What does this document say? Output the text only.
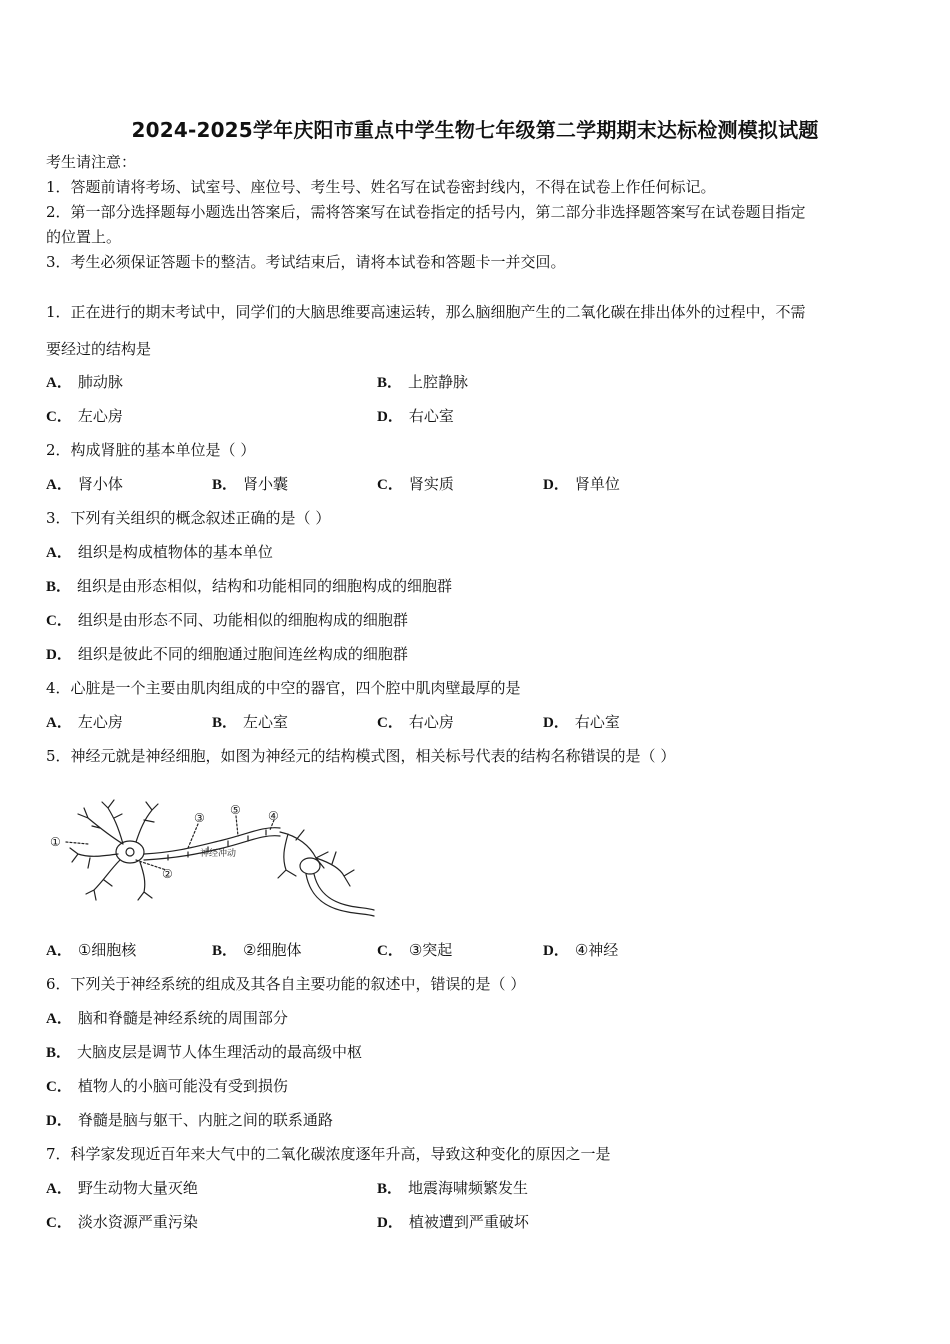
2024-2025学年庆阳市重点中学生物七年级第二学期期末达标检测模拟试题
考生请注意：
1．答题前请将考场、试室号、座位号、考生号、姓名写在试卷密封线内，不得在试卷上作任何标记。
2．第一部分选择题每小题选出答案后，需将答案写在试卷指定的括号内，第二部分非选择题答案写在试卷题目指定
的位置上。
3．考生必须保证答题卡的整洁。考试结束后，请将本试卷和答题卡一并交回。
1．正在进行的期末考试中，同学们的大脑思维要高速运转，那么脑细胞产生的二氧化碳在排出体外的过程中，不需
要经过的结构是
A． 肺动脉	B． 上腔静脉
C． 左心房	D． 右心室
2．构成肾脏的基本单位是（ ）
A． 肾小体	B． 肾小囊	C． 肾实质	D． 肾单位
3．下列有关组织的概念叙述正确的是（ ）
A． 组织是构成植物体的基本单位
B． 组织是由形态相似，结构和功能相同的细胞构成的细胞群
C． 组织是由形态不同、功能相似的细胞构成的细胞群
D． 组织是彼此不同的细胞通过胞间连丝构成的细胞群
4．心脏是一个主要由肌肉组成的中空的器官，四个腔中肌肉壁最厚的是
A． 左心房	B． 左心室	C． 右心房	D． 右心室
5．神经元就是神经细胞，如图为神经元的结构模式图，相关标号代表的结构名称错误的是（ ）
①
②
③
⑤ ④
神经冲动
A． ①细胞核	B． ②细胞体	C． ③突起	D． ④神经
6．下列关于神经系统的组成及其各自主要功能的叙述中，错误的是（ ）
A． 脑和脊髓是神经系统的周围部分
B． 大脑皮层是调节人体生理活动的最高级中枢
C． 植物人的小脑可能没有受到损伤
D． 脊髓是脑与躯干、内脏之间的联系通路
7．科学家发现近百年来大气中的二氧化碳浓度逐年升高，导致这种变化的原因之一是
A． 野生动物大量灭绝	B． 地震海啸频繁发生
C． 淡水资源严重污染	D． 植被遭到严重破坏
